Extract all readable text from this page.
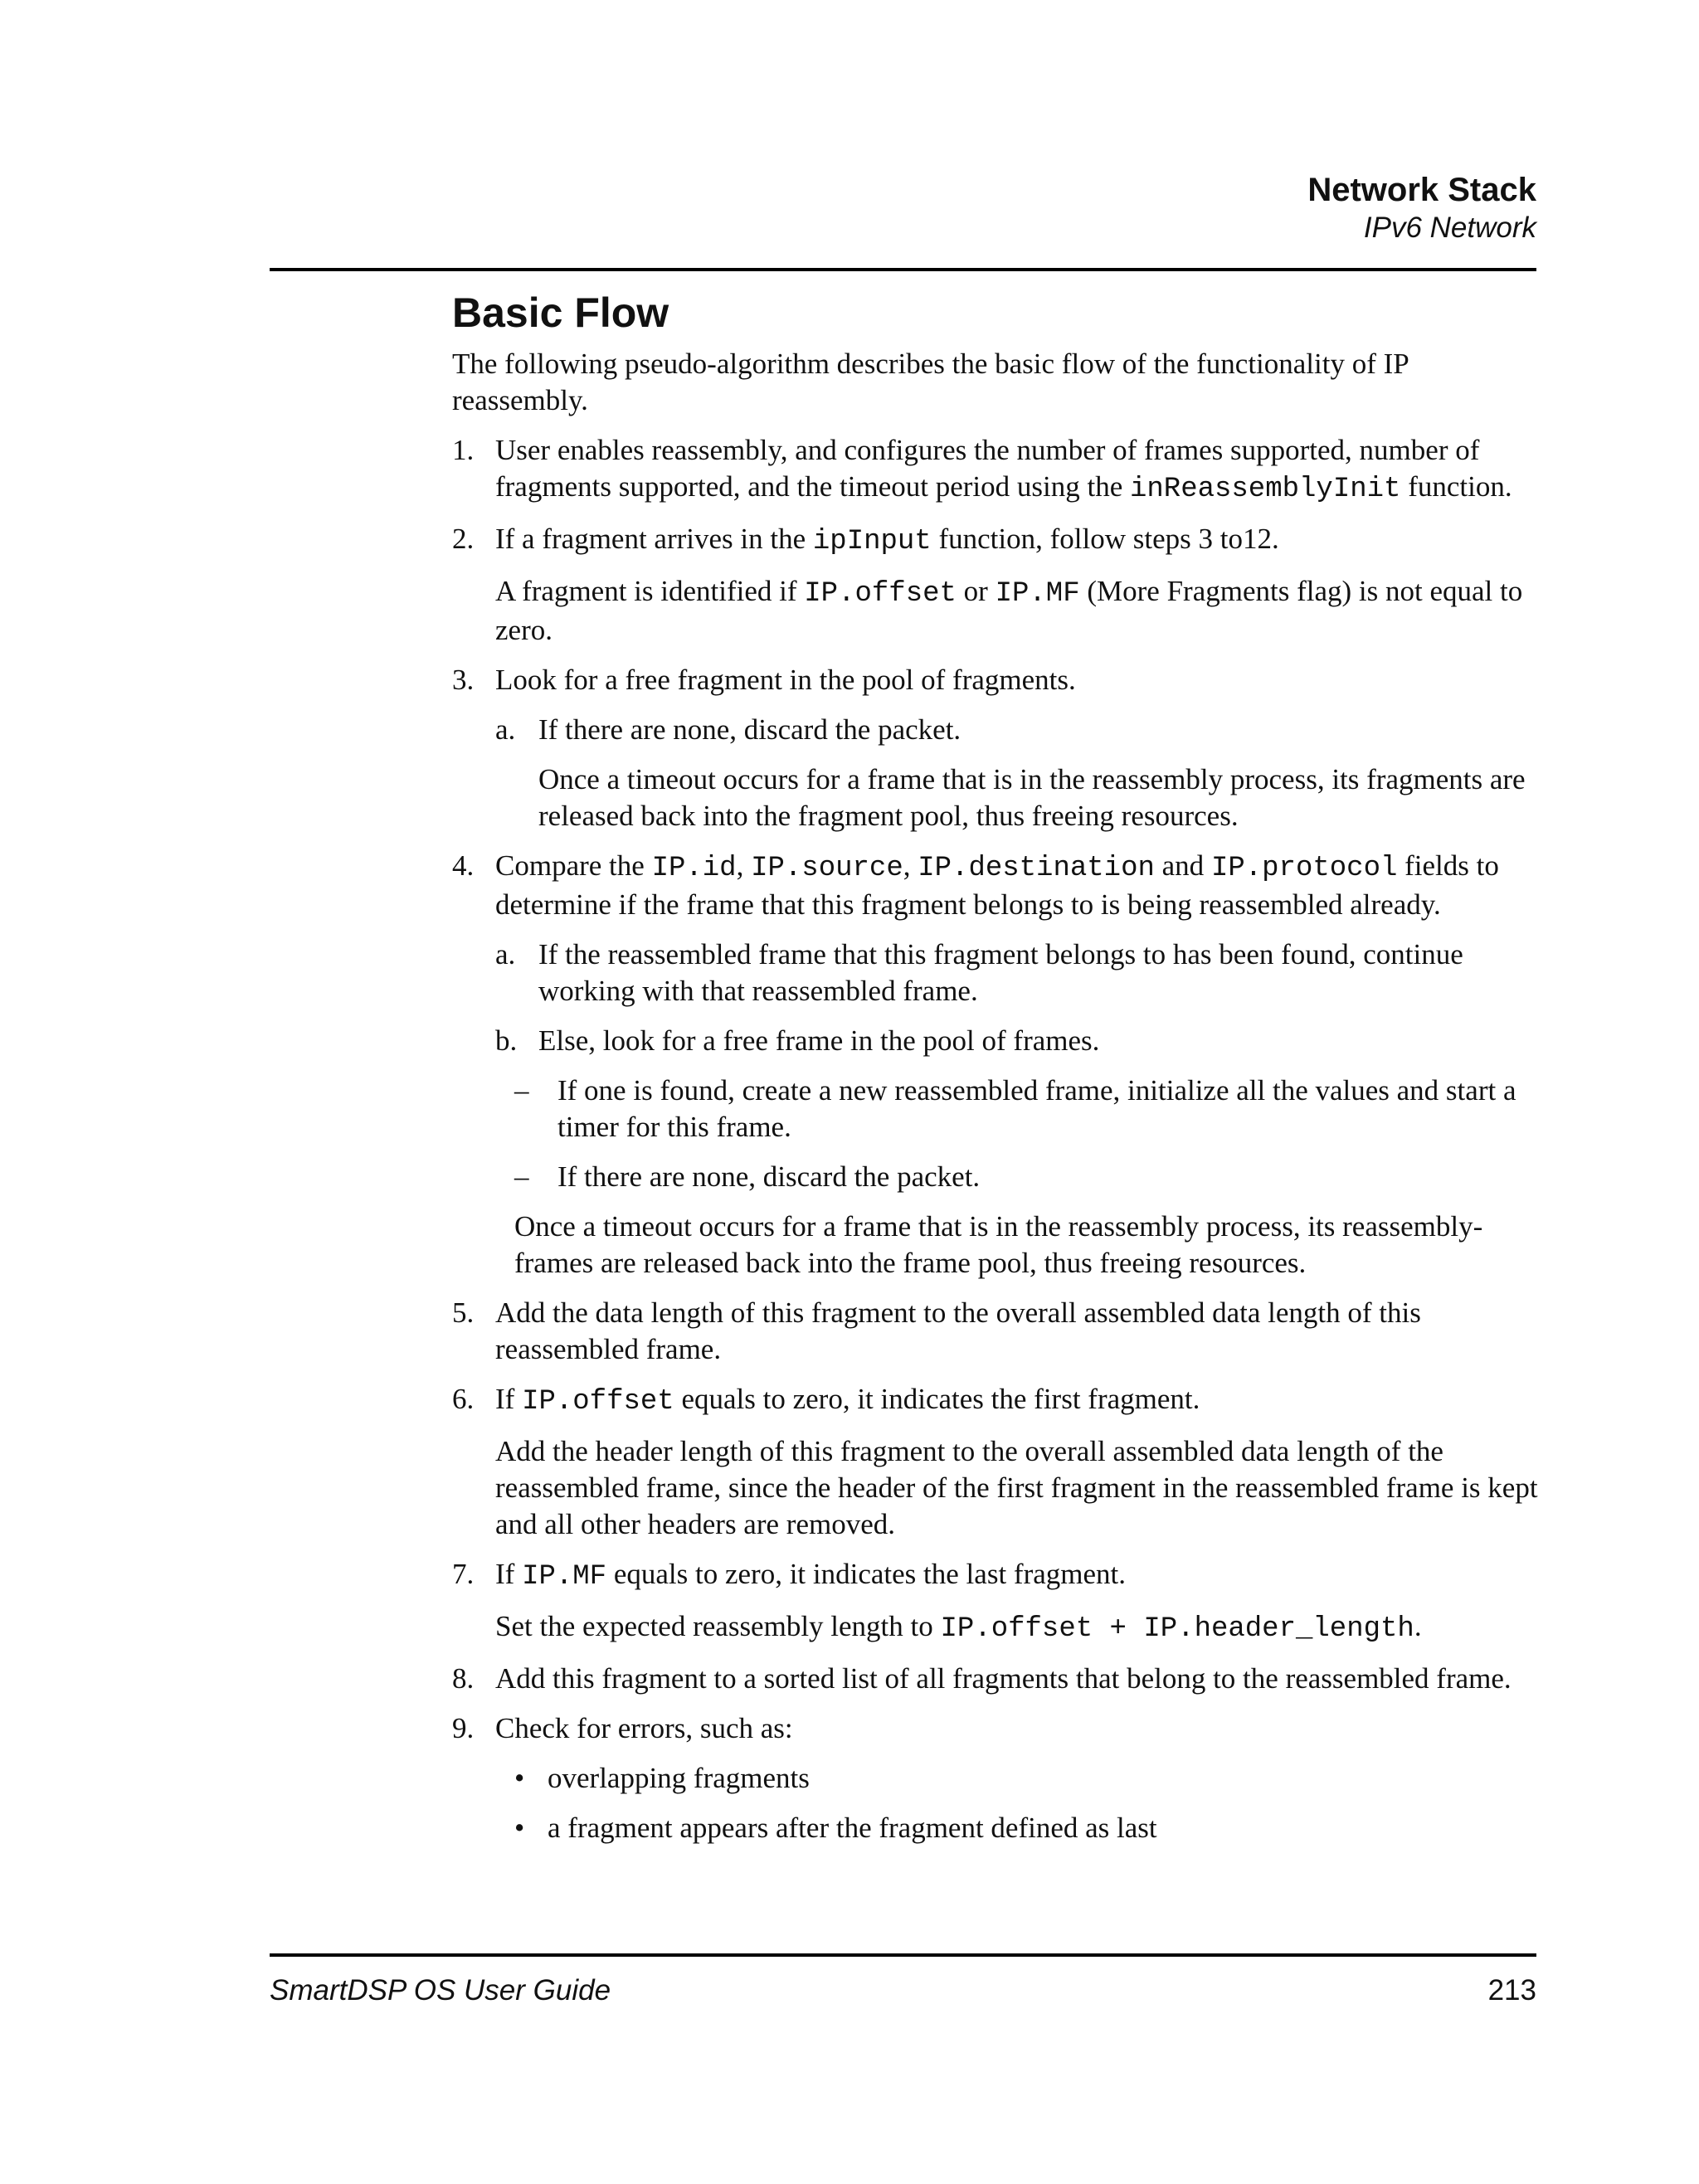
Network Stack
IPv6 Network
Basic Flow

The following pseudo-algorithm describes the basic flow of the functionality of IP reassembly.

1. User enables reassembly, and configures the number of frames supported, number of fragments supported, and the timeout period using the inReassemblyInit function.
2. If a fragment arrives in the ipInput function, follow steps 3 to12.

A fragment is identified if IP.offset or IP.MF (More Fragments flag) is not equal to zero.

3. Look for a free fragment in the pool of fragments.
a. If there are none, discard the packet.

Once a timeout occurs for a frame that is in the reassembly process, its fragments are released back into the fragment pool, thus freeing resources.

4. Compare the IP.id, IP.source, IP.destination and IP.protocol fields to determine if the frame that this fragment belongs to is being reassembled already.
a. If the reassembled frame that this fragment belongs to has been found, continue working with that reassembled frame.
b. Else, look for a free frame in the pool of frames.
– If one is found, create a new reassembled frame, initialize all the values and start a timer for this frame.
– If there are none, discard the packet.

Once a timeout occurs for a frame that is in the reassembly process, its reassembly-frames are released back into the frame pool, thus freeing resources.

5. Add the data length of this fragment to the overall assembled data length of this reassembled frame.
6. If IP.offset equals to zero, it indicates the first fragment.

Add the header length of this fragment to the overall assembled data length of the reassembled frame, since the header of the first fragment in the reassembled frame is kept and all other headers are removed.

7. If IP.MF equals to zero, it indicates the last fragment.

Set the expected reassembly length to IP.offset + IP.header_length.

8. Add this fragment to a sorted list of all fragments that belong to the reassembled frame.
9. Check for errors, such as:
• overlapping fragments
• a fragment appears after the fragment defined as last
SmartDSP OS User Guide	213
